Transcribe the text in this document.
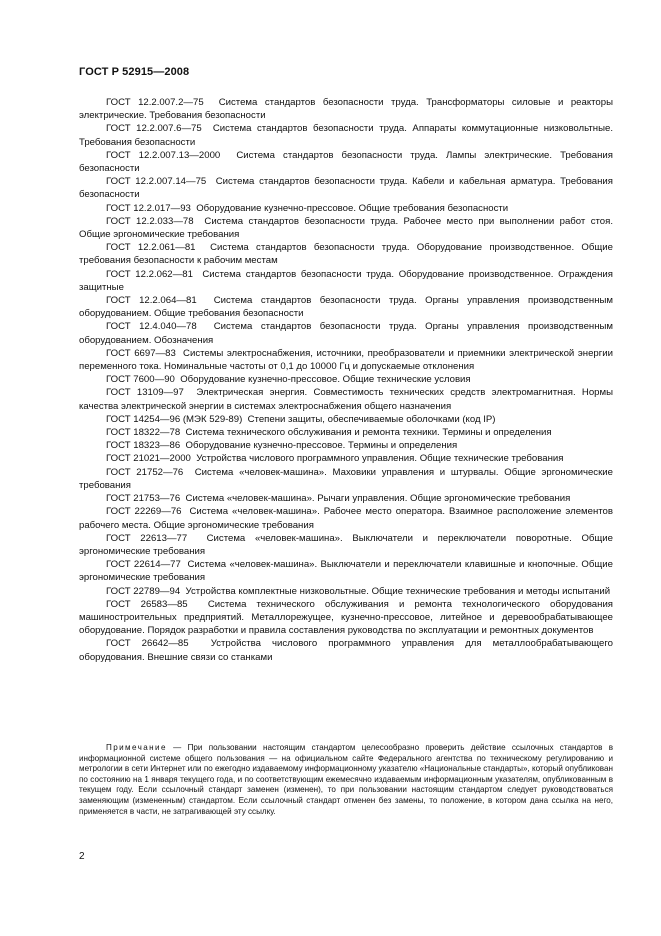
ГОСТ Р 52915—2008

ГОСТ 12.2.007.2—75 Система стандартов безопасности труда. Трансформаторы силовые и реакторы электрические. Требования безопасности

ГОСТ 12.2.007.6—75 Система стандартов безопасности труда. Аппараты коммутационные низковольтные. Требования безопасности

ГОСТ 12.2.007.13—2000 Система стандартов безопасности труда. Лампы электрические. Требования безопасности

ГОСТ 12.2.007.14—75 Система стандартов безопасности труда. Кабели и кабельная арматура. Требования безопасности

ГОСТ 12.2.017—93 Оборудование кузнечно-прессовое. Общие требования безопасности

ГОСТ 12.2.033—78 Система стандартов безопасности труда. Рабочее место при выполнении работ стоя. Общие эргономические требования

ГОСТ 12.2.061—81 Система стандартов безопасности труда. Оборудование производственное. Общие требования безопасности к рабочим местам

ГОСТ 12.2.062—81 Система стандартов безопасности труда. Оборудование производственное. Ограждения защитные

ГОСТ 12.2.064—81 Система стандартов безопасности труда. Органы управления производственным оборудованием. Общие требования безопасности

ГОСТ 12.4.040—78 Система стандартов безопасности труда. Органы управления производственным оборудованием. Обозначения

ГОСТ 6697—83 Системы электроснабжения, источники, преобразователи и приемники электрической энергии переменного тока. Номинальные частоты от 0,1 до 10000 Гц и допускаемые отклонения

ГОСТ 7600—90 Оборудование кузнечно-прессовое. Общие технические условия

ГОСТ 13109—97 Электрическая энергия. Совместимость технических средств электромагнитная. Нормы качества электрической энергии в системах электроснабжения общего назначения

ГОСТ 14254—96 (МЭК 529-89) Степени защиты, обеспечиваемые оболочками (код IP)

ГОСТ 18322—78 Система технического обслуживания и ремонта техники. Термины и определения

ГОСТ 18323—86 Оборудование кузнечно-прессовое. Термины и определения

ГОСТ 21021—2000 Устройства числового программного управления. Общие технические требования

ГОСТ 21752—76 Система «человек-машина». Маховики управления и штурвалы. Общие эргономические требования

ГОСТ 21753—76 Система «человек-машина». Рычаги управления. Общие эргономические требования

ГОСТ 22269—76 Система «человек-машина». Рабочее место оператора. Взаимное расположение элементов рабочего места. Общие эргономические требования

ГОСТ 22613—77 Система «человек-машина». Выключатели и переключатели поворотные. Общие эргономические требования

ГОСТ 22614—77 Система «человек-машина». Выключатели и переключатели клавишные и кнопочные. Общие эргономические требования

ГОСТ 22789—94 Устройства комплектные низковольтные. Общие технические требования и методы испытаний

ГОСТ 26583—85 Система технического обслуживания и ремонта технологического оборудования машиностроительных предприятий. Металлорежущее, кузнечно-прессовое, литейное и деревообрабатывающее оборудование. Порядок разработки и правила составления руководства по эксплуатации и ремонтных документов

ГОСТ 26642—85 Устройства числового программного управления для металлообрабатывающего оборудования. Внешние связи со станками

Примечание — При пользовании настоящим стандартом целесообразно проверить действие ссылочных стандартов в информационной системе общего пользования — на официальном сайте Федерального агентства по техническому регулированию и метрологии в сети Интернет или по ежегодно издаваемому информационному указателю «Национальные стандарты», который опубликован по состоянию на 1 января текущего года, и по соответствующим ежемесячно издаваемым информационным указателям, опубликованным в текущем году. Если ссылочный стандарт заменен (изменен), то при пользовании настоящим стандартом следует руководствоваться заменяющим (измененным) стандартом. Если ссылочный стандарт отменен без замены, то положение, в котором дана ссылка на него, применяется в части, не затрагивающей эту ссылку.
2
